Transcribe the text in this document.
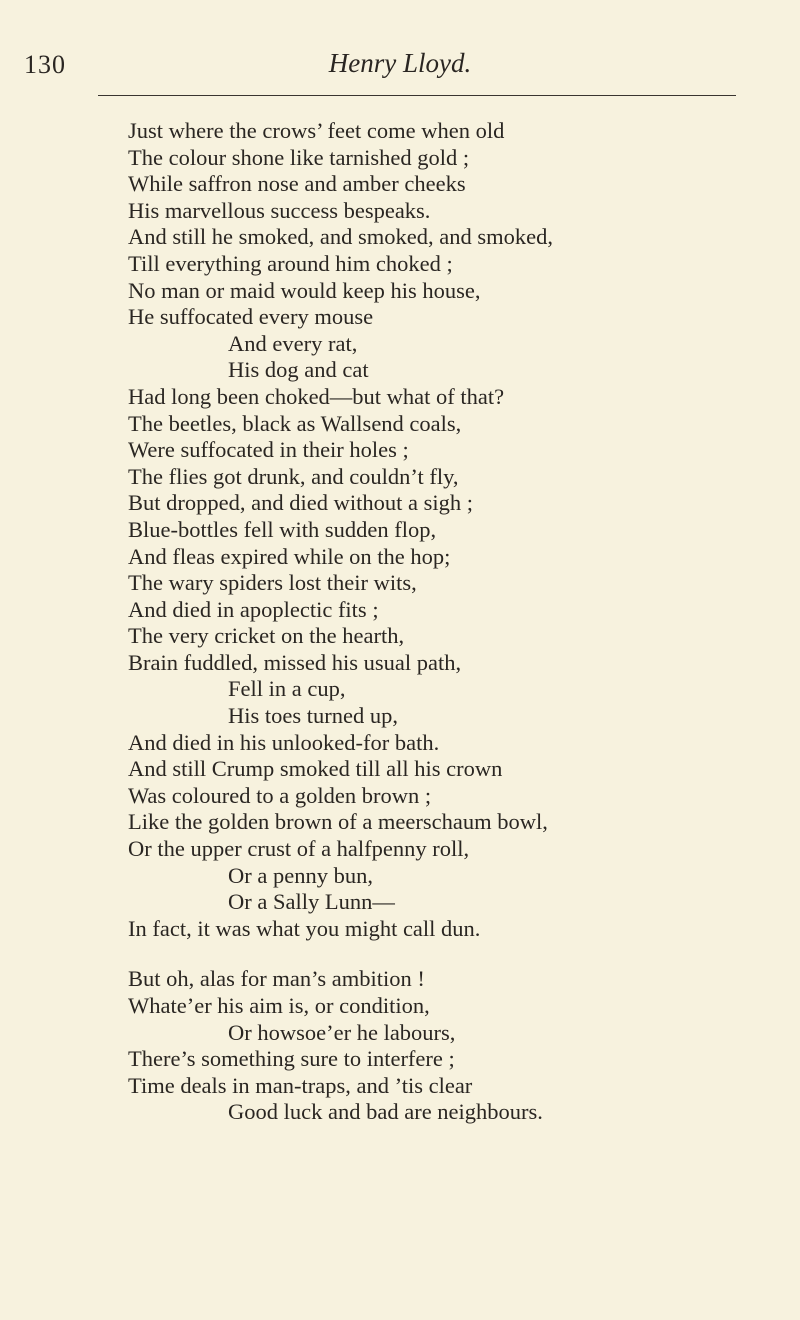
130	Henry Lloyd.
Just where the crows’ feet come when old
The colour shone like tarnished gold ;
While saffron nose and amber cheeks
His marvellous success bespeaks.
And still he smoked, and smoked, and smoked,
Till everything around him choked ;
No man or maid would keep his house,
He suffocated every mouse
And every rat,
His dog and cat
Had long been choked—but what of that?
The beetles, black as Wallsend coals,
Were suffocated in their holes ;
The flies got drunk, and couldn’t fly,
But dropped, and died without a sigh ;
Blue-bottles fell with sudden flop,
And fleas expired while on the hop;
The wary spiders lost their wits,
And died in apoplectic fits ;
The very cricket on the hearth,
Brain fuddled, missed his usual path,
Fell in a cup,
His toes turned up,
And died in his unlooked-for bath.
And still Crump smoked till all his crown
Was coloured to a golden brown ;
Like the golden brown of a meerschaum bowl,
Or the upper crust of a halfpenny roll,
Or a penny bun,
Or a Sally Lunn—
In fact, it was what you might call dun.
But oh, alas for man’s ambition !
Whate’er his aim is, or condition,
Or howsoe’er he labours,
There’s something sure to interfere ;
Time deals in man-traps, and ’tis clear
Good luck and bad are neighbours.
